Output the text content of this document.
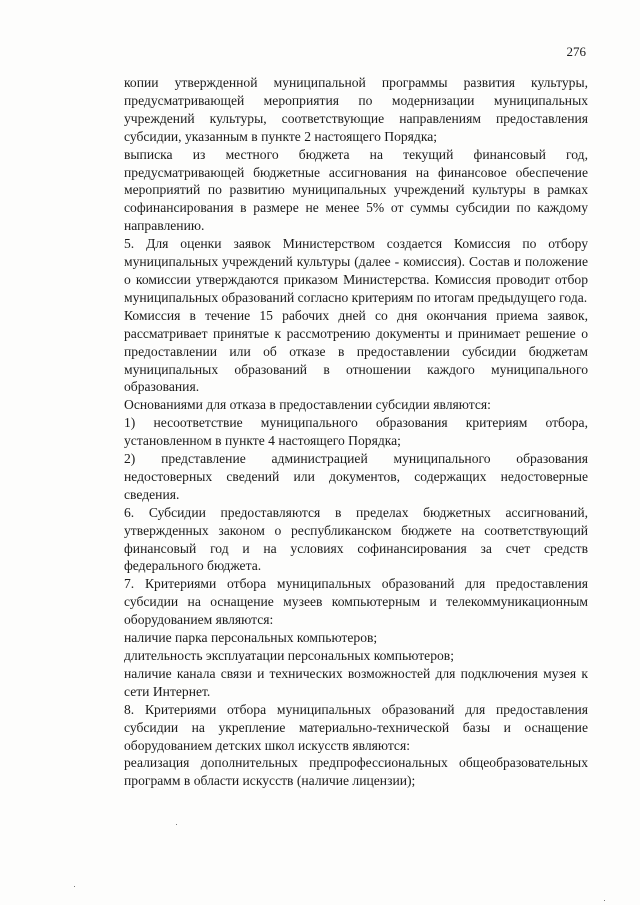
276

копии утвержденной муниципальной программы развития культуры, предусматривающей мероприятия по модернизации муниципальных учреждений культуры, соответствующие направлениям предоставления субсидии, указанным в пункте 2 настоящего Порядка;

выписка из местного бюджета на текущий финансовый год, предусматривающей бюджетные ассигнования на финансовое обеспечение мероприятий по развитию муниципальных учреждений культуры в рамках софинансирования в размере не менее 5% от суммы субсидии по каждому направлению.

5. Для оценки заявок Министерством создается Комиссия по отбору муниципальных учреждений культуры (далее - комиссия). Состав и положение о комиссии утверждаются приказом Министерства. Комиссия проводит отбор муниципальных образований согласно критериям по итогам предыдущего года.

Комиссия в течение 15 рабочих дней со дня окончания приема заявок, рассматривает принятые к рассмотрению документы и принимает решение о предоставлении или об отказе в предоставлении субсидии бюджетам муниципальных образований в отношении каждого муниципального образования.

Основаниями для отказа в предоставлении субсидии являются:

1) несоответствие муниципального образования критериям отбора, установленном в пункте 4 настоящего Порядка;

2) представление администрацией муниципального образования недостоверных сведений или документов, содержащих недостоверные сведения.

6. Субсидии предоставляются в пределах бюджетных ассигнований, утвержденных законом о республиканском бюджете на соответствующий финансовый год и на условиях софинансирования за счет средств федерального бюджета.

7. Критериями отбора муниципальных образований для предоставления субсидии на оснащение музеев компьютерным и телекоммуникационным оборудованием являются:

наличие парка персональных компьютеров;

длительность эксплуатации персональных компьютеров;

наличие канала связи и технических возможностей для подключения музея к сети Интернет.

8. Критериями отбора муниципальных образований для предоставления субсидии на укрепление материально-технической базы и оснащение оборудованием детских школ искусств являются:

реализация дополнительных предпрофессиональных общеобразовательных программ в области искусств (наличие лицензии);
